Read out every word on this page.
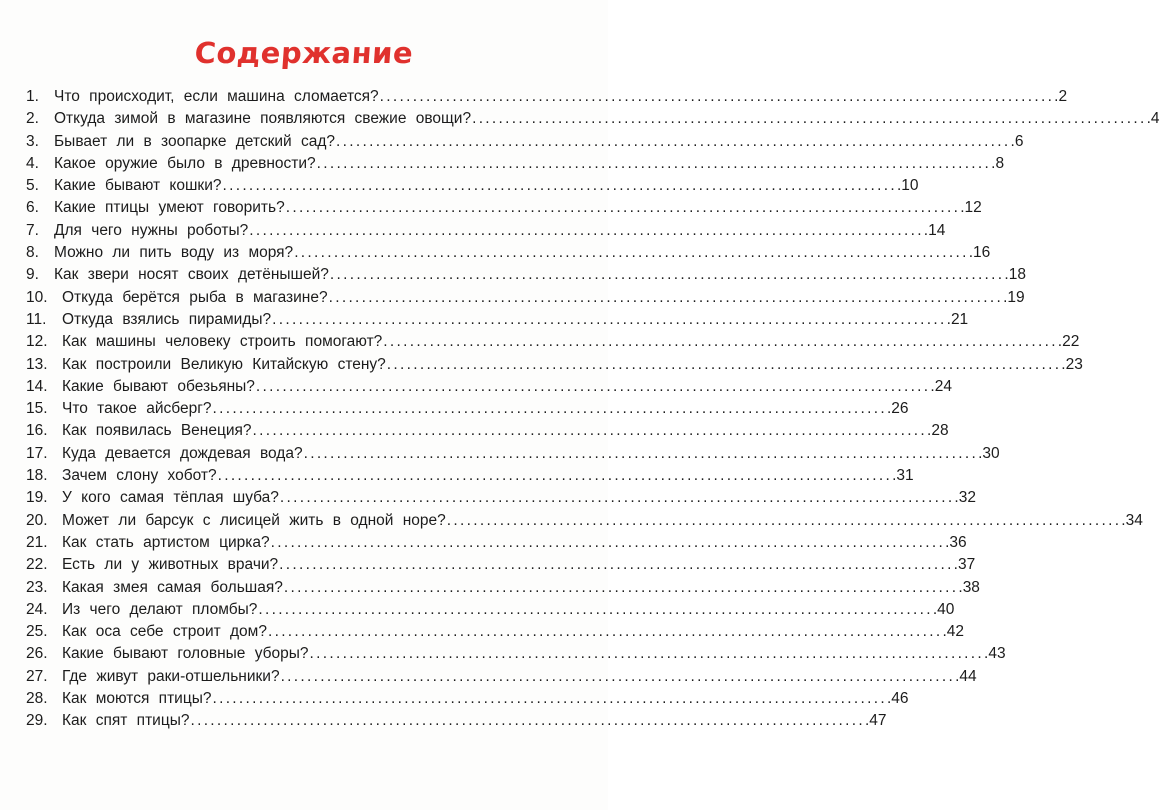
Содержание
1. Что происходит, если машина сломается? . . .	2
2. Откуда зимой в магазине появляются свежие овощи? . . .	4
3. Бывает ли в зоопарке детский сад? . . .	6
4. Какое оружие было в древности? . . .	8
5. Какие бывают кошки? . . .	10
6. Какие птицы умеют говорить? . . .	12
7. Для чего нужны роботы? . . .	14
8. Можно ли пить воду из моря? . . .	16
9. Как звери носят своих детёнышей? . . .	18
10. Откуда берётся рыба в магазине? . . .	19
11.	Откуда взялись пирамиды? . . .	21
12. Как машины человеку строить помогают? . . .	22
13. Как построили Великую Китайскую стену? . . .	23
14. Какие бывают обезьяны? . . .	24
15. Что такое айсберг? . . .	26
16. Как появилась Венеция? . . .	28
17. Куда девается дождевая вода? . . .	30
18. Зачем слону хобот? . . .	31
19. У кого самая тёплая шуба? . . .	32
20. Может ли барсук с лисицей жить в одной норе? . . .	34
21. Как стать артистом цирка? . . .	36
22. Есть ли у животных врачи? . . .	37
23. Какая змея самая большая? . . .	38
24. Из чего делают пломбы? . . .	40
25. Как оса себе строит дом? . . .	42
26. Какие бывают головные уборы? . . .	43
27. Где живут раки-отшельники? . . .	44
28. Как моются птицы? . . .	46
29. Как спят птицы? . . .	47
